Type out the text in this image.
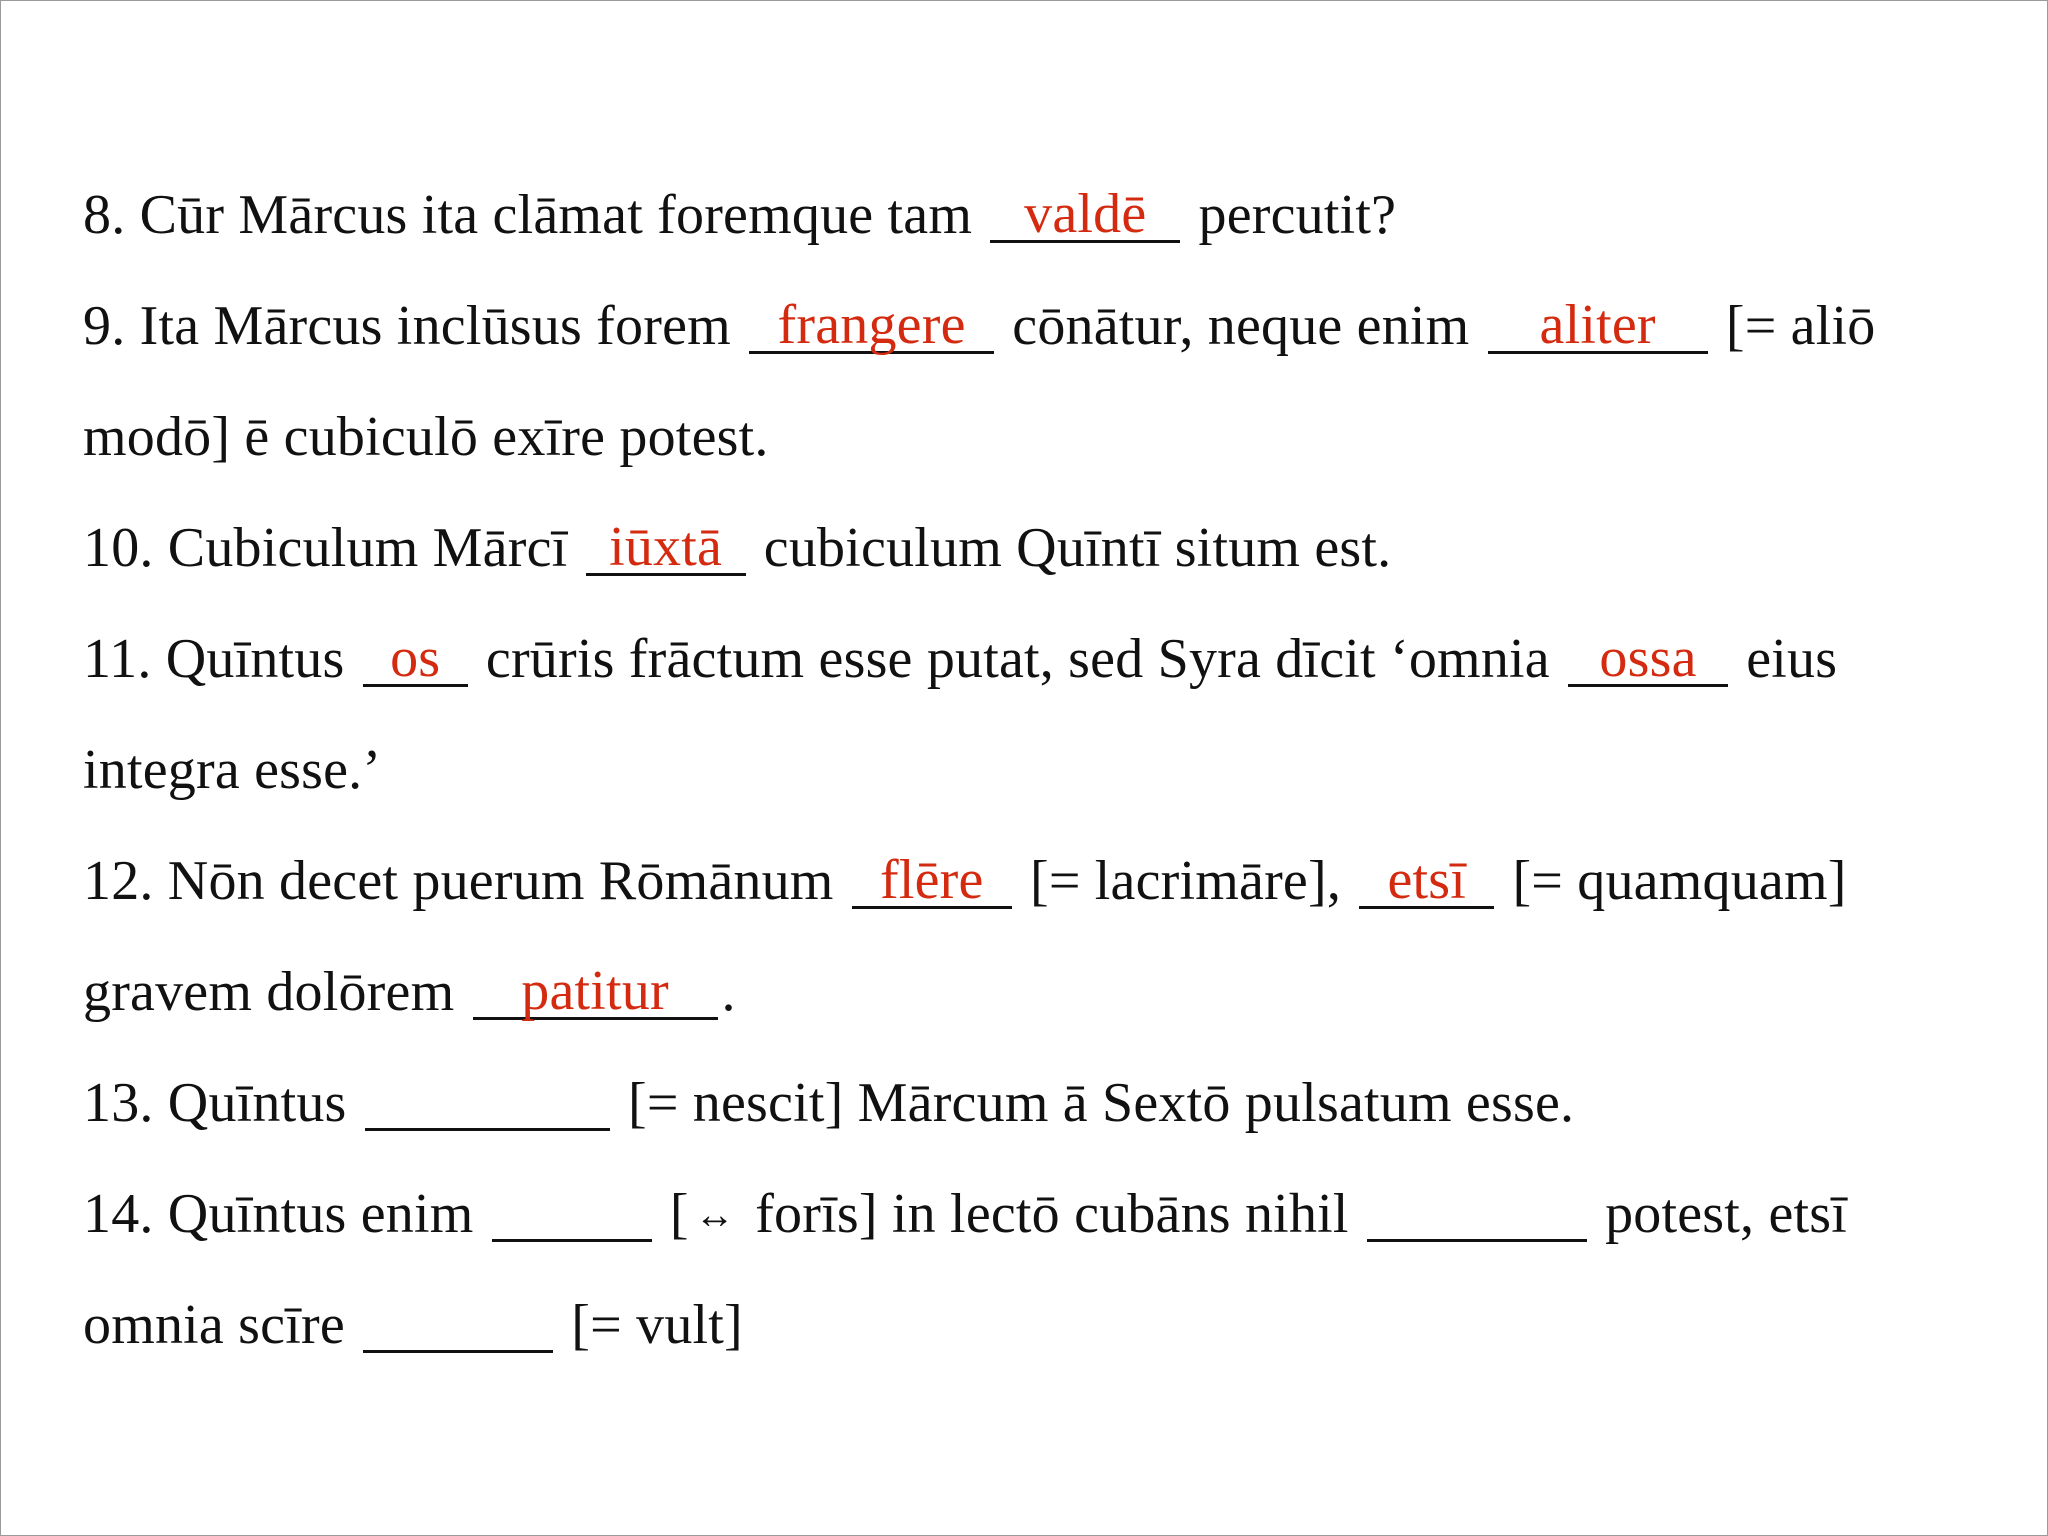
8. Cūr Mārcus ita clāmat foremque tam valdē percutit?
9. Ita Mārcus inclūsus forem frangere cōnātur, neque enim aliter [= aliō
modō] ē cubiculō exīre potest.
10. Cubiculum Mārcī iūxtā cubiculum Quīntī situm est.
11. Quīntus os crūris frāctum esse putat, sed Syra dīcit ‘omnia ossa eius
integra esse.’
12. Nōn decet puerum Rōmānum flēre [= lacrimāre], etsī [= quamquam]
gravem dolōrem patitur .
13. Quīntus	[= nescit] Mārcum ā Sextō pulsatum esse.
14. Quīntus enim	[ ↔ forīs] in lectō cubāns nihil	potest, etsī
omnia scīre	[= vult]
